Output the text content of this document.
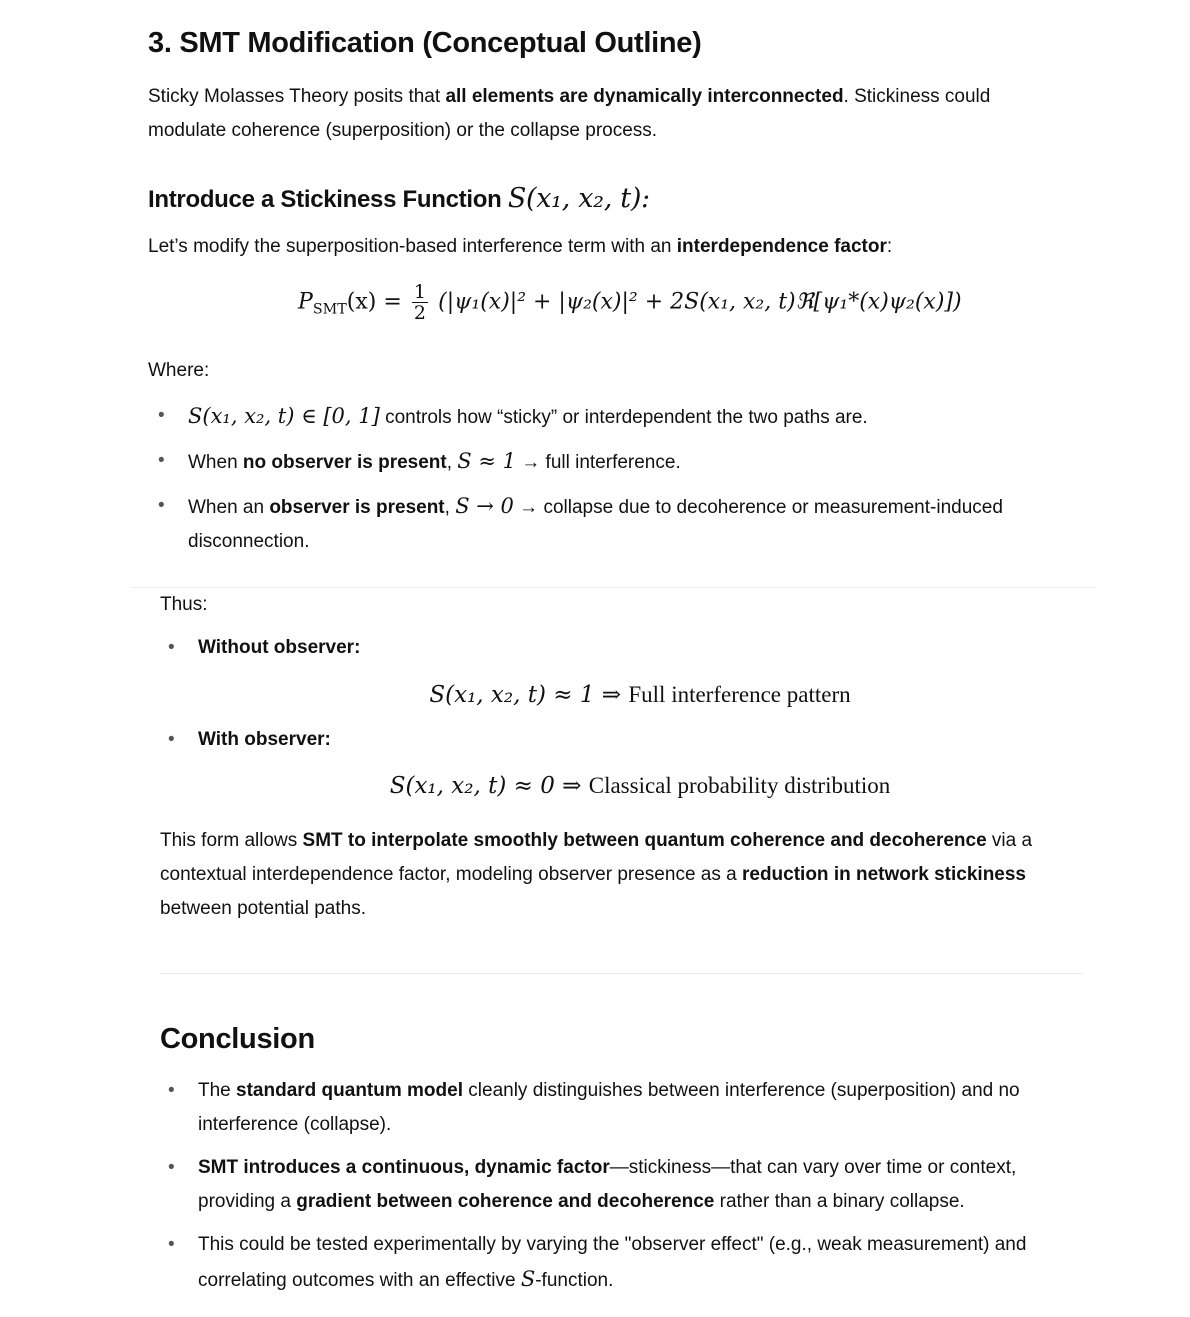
3. SMT Modification (Conceptual Outline)
Sticky Molasses Theory posits that all elements are dynamically interconnected. Stickiness could modulate coherence (superposition) or the collapse process.
Introduce a Stickiness Function S(x₁, x₂, t):
Let’s modify the superposition-based interference term with an interdependence factor:
$P_{SMT}(x) = \frac{1}{2} (|\psi_1(x)|^2 + |\psi_2(x)|^2 + 2S(x_1$, x₂, t)ℜ[ψ₁*(x)ψ₂(x)])
Where:
• S(x₁, x₂, t) ∈ [0, 1] controls how “sticky” or interdependent the two paths are.
• When no observer is present, S ≈ 1 → full interference.
• When an observer is present, S → 0 → collapse due to decoherence or measurement-induced disconnection.
Thus:
• Without observer:
S(x₁, x₂, t) ≈ 1 ⇒ Full interference pattern
• With observer:
S(x₁, x₂, t) ≈ 0 ⇒ Classical probability distribution
This form allows SMT to interpolate smoothly between quantum coherence and decoherence via a contextual interdependence factor, modeling observer presence as a reduction in network stickiness between potential paths.
Conclusion
• The standard quantum model cleanly distinguishes between interference (superposition) and no interference (collapse).
• SMT introduces a continuous, dynamic factor—stickiness—that can vary over time or context, providing a gradient between coherence and decoherence rather than a binary collapse.
• This could be tested experimentally by varying the "observer effect" (e.g., weak measurement) and correlating outcomes with an effective S-function.
